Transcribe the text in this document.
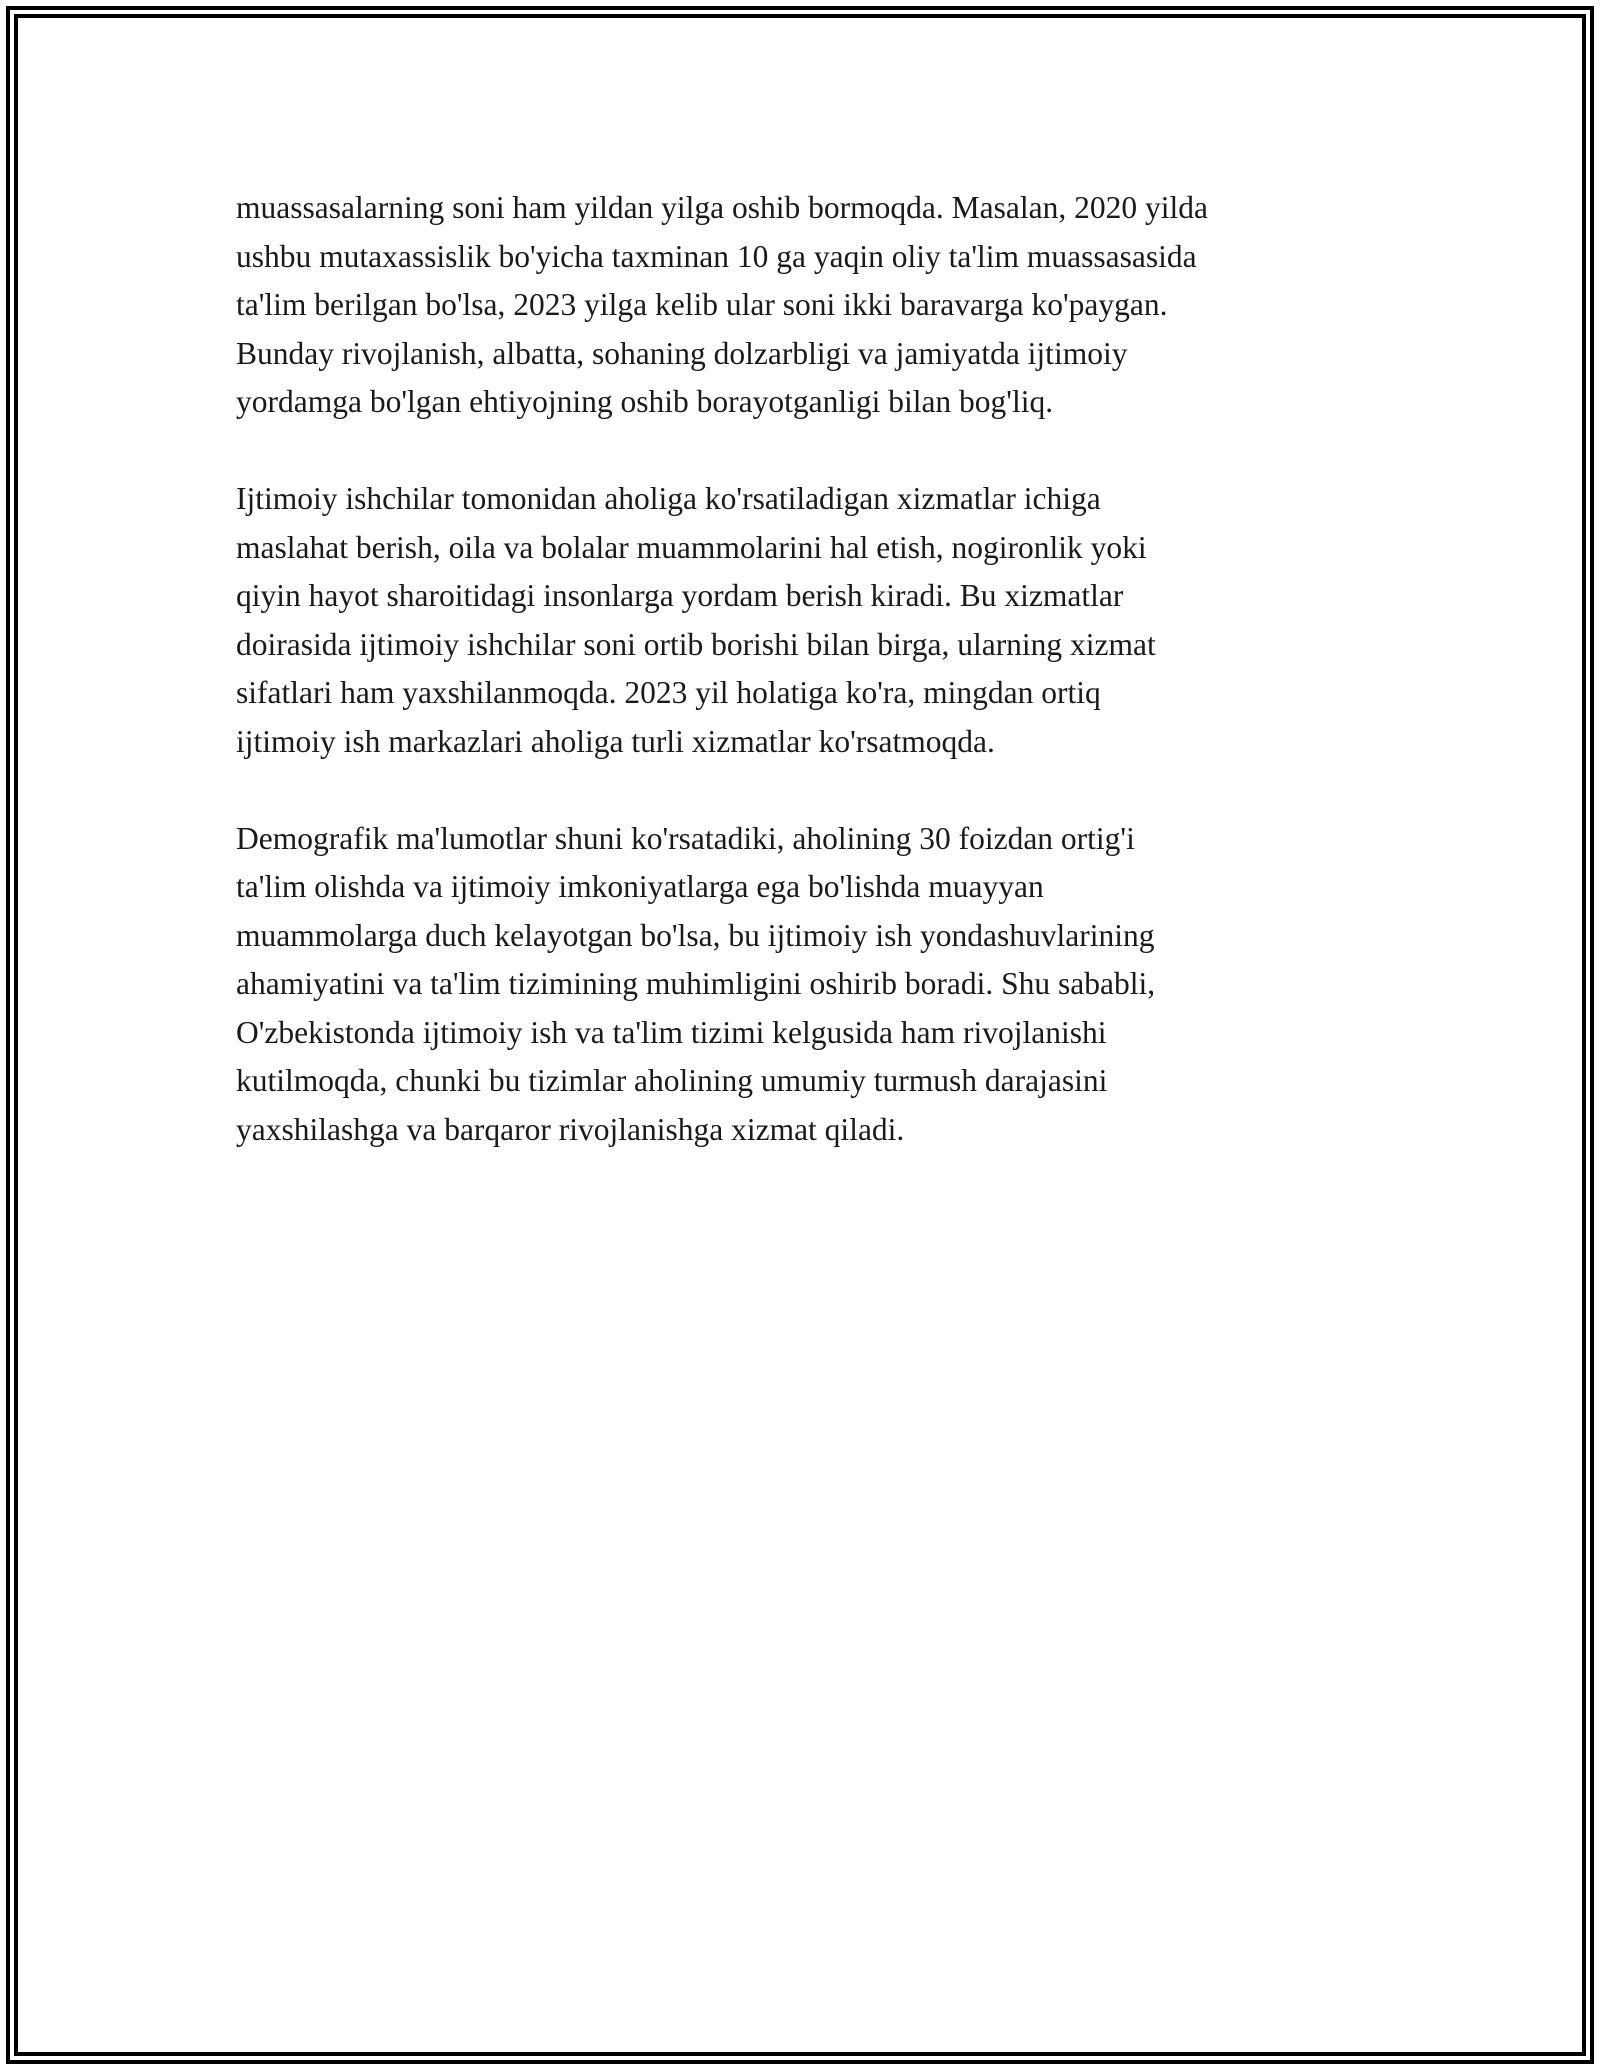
muassasalarning soni ham yildan yilga oshib bormoqda. Masalan, 2020 yilda
ushbu mutaxassislik bo'yicha taxminan 10 ga yaqin oliy ta'lim muassasasida
ta'lim berilgan bo'lsa, 2023 yilga kelib ular soni ikki baravarga ko'paygan.
Bunday rivojlanish, albatta, sohaning dolzarbligi va jamiyatda ijtimoiy
yordamga bo'lgan ehtiyojning oshib borayotganligi bilan bog'liq.

Ijtimoiy ishchilar tomonidan aholiga ko'rsatiladigan xizmatlar ichiga
maslahat berish, oila va bolalar muammolarini hal etish, nogironlik yoki
qiyin hayot sharoitidagi insonlarga yordam berish kiradi. Bu xizmatlar
doirasida ijtimoiy ishchilar soni ortib borishi bilan birga, ularning xizmat
sifatlari ham yaxshilanmoqda. 2023 yil holatiga ko'ra, mingdan ortiq
ijtimoiy ish markazlari aholiga turli xizmatlar ko'rsatmoqda.

Demografik ma'lumotlar shuni ko'rsatadiki, aholining 30 foizdan ortig'i
ta'lim olishda va ijtimoiy imkoniyatlarga ega bo'lishda muayyan
muammolarga duch kelayotgan bo'lsa, bu ijtimoiy ish yondashuvlarining
ahamiyatini va ta'lim tizimining muhimligini oshirib boradi. Shu sababli,
O'zbekistonda ijtimoiy ish va ta'lim tizimi kelgusida ham rivojlanishi
kutilmoqda, chunki bu tizimlar aholining umumiy turmush darajasini
yaxshilashga va barqaror rivojlanishga xizmat qiladi.
